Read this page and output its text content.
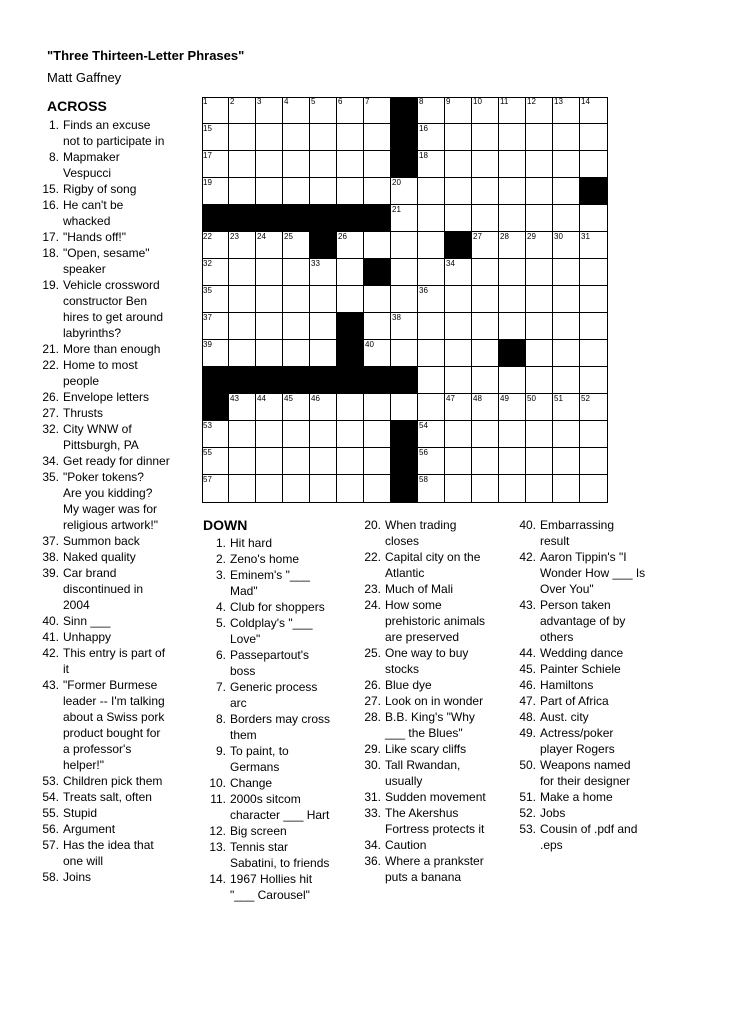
"Three Thirteen-Letter Phrases"
Matt Gaffney
ACROSS
1. Finds an excuse
not to participate in
8. Mapmaker
Vespucci
15. Rigby of song
16. He can't be
whacked
17. "Hands off!"
18. "Open, sesame"
speaker
19. Vehicle crossword
constructor Ben
hires to get around
labyrinths?
21. More than enough
22. Home to most
people
26. Envelope letters
27. Thrusts
32. City WNW of
Pittsburgh, PA
34. Get ready for dinner
35. "Poker tokens?
Are you kidding?
My wager was for
religious artwork!"
37. Summon back
38. Naked quality
39. Car brand
discontinued in
2004
40. Sinn ___
41. Unhappy
42. This entry is part of
it
43. "Former Burmese
leader -- I'm talking
about a Swiss pork
product bought for
a professor's
helper!"
53. Children pick them
54. Treats salt, often
55. Stupid
56. Argument
57. Has the idea that
one will
58. Joins
DOWN
1. Hit hard
2. Zeno's home
3. Eminem's "___
Mad"
4. Club for shoppers
5. Coldplay's "___
Love"
6. Passepartout's
boss
7. Generic process
arc
8. Borders may cross
them
9. To paint, to
Germans
10. Change
11. 2000s sitcom
character ___ Hart
12. Big screen
13. Tennis star
Sabatini, to friends
14. 1967 Hollies hit
"___ Carousel"
20. When trading
closes
22. Capital city on the
Atlantic
23. Much of Mali
24. How some
prehistoric animals
are preserved
25. One way to buy
stocks
26. Blue dye
27. Look on in wonder
28. B.B. King's "Why
___ the Blues"
29. Like scary cliffs
30. Tall Rwandan,
usually
31. Sudden movement
33. The Akershus
Fortress protects it
34. Caution
36. Where a prankster
puts a banana
40. Embarrassing
result
42. Aaron Tippin's "I
Wonder How ___ Is
Over You"
43. Person taken
advantage of by
others
44. Wedding dance
45. Painter Schiele
46. Hamiltons
47. Part of Africa
48. Aust. city
49. Actress/poker
player Rogers
50. Weapons named
for their designer
51. Make a home
52. Jobs
53. Cousin of .pdf and
.eps
1	2	3	4	5	6	7	8	9	10 11 12 13 14
15	16
17	18
19	20
21
22 23 24 25	26	27 28 29 30 31
32	33	34
35	36
37	38
39	40
43 44 45 46	47 48 49 50 51 52
53	54
55	56
57	58
